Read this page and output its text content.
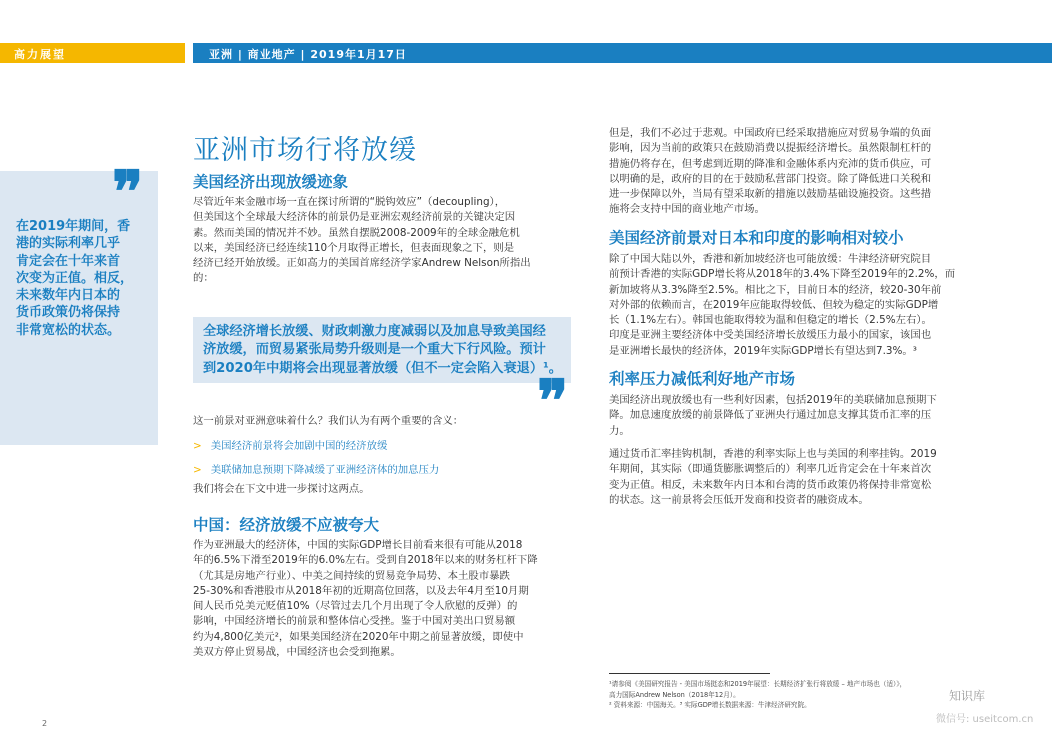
高力展望	亚洲 | 商业地产 | 2019年1月17日
❞
在2019年期间，香
港的实际利率几乎
肯定会在十年来首
次变为正值。相反，
未来数年内日本的
货币政策仍将保持
非常宽松的状态。
亚洲市场行将放缓
美国经济出现放缓迹象

尽管近年来金融市场一直在探讨所谓的“脱钩效应”（decoupling），

但美国这个全球最大经济体的前景仍是亚洲宏观经济前景的关键决定因

素。然而美国的情况并不妙。虽然自摆脱2008-2009年的全球金融危机

以来，美国经济已经连续110个月取得正增长，但表面现象之下，则是

经济已经开始放缓。正如高力的美国首席经济学家Andrew Nelson所指出

的：

全球经济增长放缓、财政刺激力度减弱以及加息导致美国经
济放缓，而贸易紧张局势升级则是一个重大下行风险。预计
到2020年中期将会出现显著放缓（但不一定会陷入衰退）¹。
❞

这一前景对亚洲意味着什么？我们认为有两个重要的含义：

> 美国经济前景将会加剧中国的经济放缓
> 美联储加息预期下降减缓了亚洲经济体的加息压力

我们将会在下文中进一步探讨这两点。

中国：经济放缓不应被夸大

作为亚洲最大的经济体，中国的实际GDP增长目前看来很有可能从2018

年的6.5%下滑至2019年的6.0%左右。受到自2018年以来的财务杠杆下降

（尤其是房地产行业）、中美之间持续的贸易竞争局势、本土股市暴跌

25-30%和香港股市从2018年初的近期高位回落，以及去年4月至10月期

间人民币兑美元贬值10%（尽管过去几个月出现了令人欣慰的反弹）的

影响，中国经济增长的前景和整体信心受挫。鉴于中国对美出口贸易额

约为4,800亿美元²，如果美国经济在2020年中期之前显著放缓，即使中

美双方停止贸易战，中国经济也会受到拖累。

但是，我们不必过于悲观。中国政府已经采取措施应对贸易争端的负面

影响，因为当前的政策只在鼓励消费以提振经济增长。虽然限制杠杆的

措施仍将存在，但考虑到近期的降准和金融体系内充沛的货币供应，可

以明确的是，政府的目的在于鼓励私营部门投资。除了降低进口关税和

进一步保障以外，当局有望采取新的措施以鼓励基础设施投资。这些措

施将会支持中国的商业地产市场。

美国经济前景对日本和印度的影响相对较小

除了中国大陆以外，香港和新加坡经济也可能放缓：牛津经济研究院目

前预计香港的实际GDP增长将从2018年的3.4%下降至2019年的2.2%，而

新加坡将从3.3%降至2.5%。相比之下，目前日本的经济，较20-30年前

对外部的依赖而言，在2019年应能取得较低、但较为稳定的实际GDP增

长（1.1%左右）。韩国也能取得较为温和但稳定的增长（2.5%左右）。

印度是亚洲主要经济体中受美国经济增长放缓压力最小的国家，该国也

是亚洲增长最快的经济体，2019年实际GDP增长有望达到7.3%。³

利率压力减低利好地产市场

美国经济出现放缓也有一些利好因素，包括2019年的美联储加息预期下

降。加息速度放缓的前景降低了亚洲央行通过加息支撑其货币汇率的压

力。

通过货币汇率挂钩机制，香港的利率实际上也与美国的利率挂钩。2019

年期间，其实际（即通货膨胀调整后的）利率几近肯定会在十年来首次

变为正值。相反，未来数年内日本和台湾的货币政策仍将保持非常宽松

的状态。这一前景将会压低开发商和投资者的融资成本。

¹请参阅《美国研究报告 - 美国市场挺态和2019年展望：长期经济扩张行将放缓 – 地产市场也（适）》，

高力国际Andrew Nelson（2018年12月）。

² 资料来源：中国海关。³ 实际GDP增长数据来源：牛津经济研究院。

2
知识库
微信号: useitcom.cn
